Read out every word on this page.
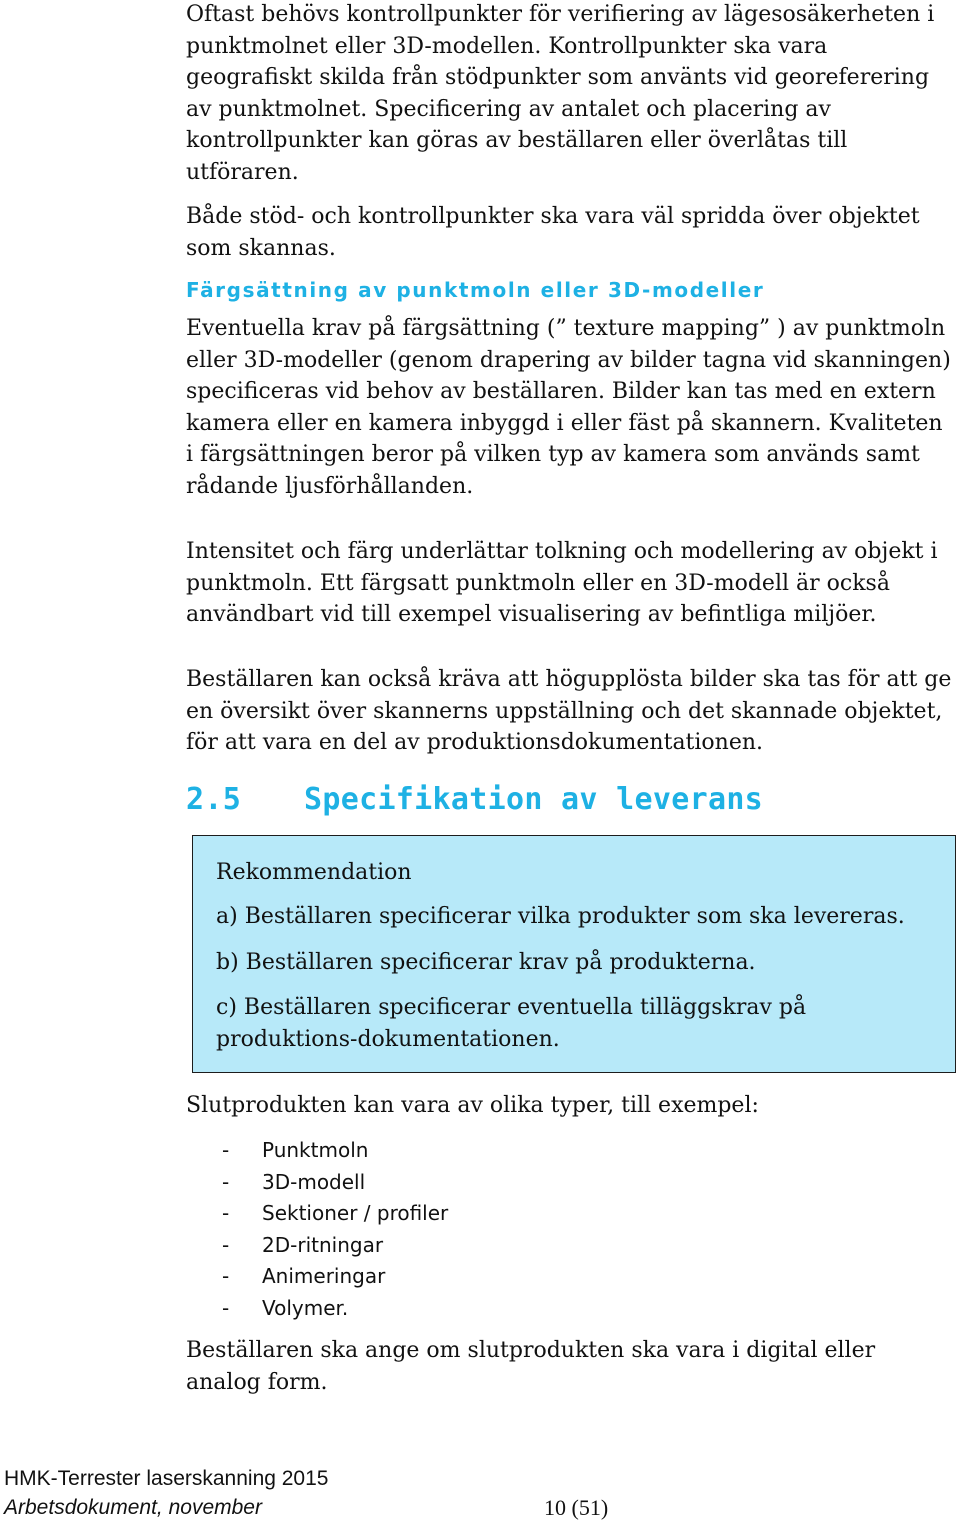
Oftast behövs kontrollpunkter för verifiering av lägesosäkerheten i punktmolnet eller 3D-modellen. Kontrollpunkter ska vara geografiskt skilda från stödpunkter som använts vid georeferering av punktmolnet. Specificering av antalet och placering av kontrollpunkter kan göras av beställaren eller överlåtas till utföraren.

Både stöd- och kontrollpunkter ska vara väl spridda över objektet som skannas.

Färgsättning av punktmoln eller 3D-modeller

Eventuella krav på färgsättning (” texture mapping” ) av punktmoln eller 3D-modeller (genom drapering av bilder tagna vid skanningen) specificeras vid behov av beställaren. Bilder kan tas med en extern kamera eller en kamera inbyggd i eller fäst på skannern. Kvaliteten i färgsättningen beror på vilken typ av kamera som används samt rådande ljusförhållanden.

Intensitet och färg underlättar tolkning och modellering av objekt i punktmoln. Ett färgsatt punktmoln eller en 3D-modell är också användbart vid till exempel visualisering av befintliga miljöer.

Beställaren kan också kräva att högupplösta bilder ska tas för att ge en översikt över skannerns uppställning och det skannade objektet, för att vara en del av produktionsdokumentationen.

2.5 Specifikation av leverans

Rekommendation

a) Beställaren specificerar vilka produkter som ska levereras.

b) Beställaren specificerar krav på produkterna.

c) Beställaren specificerar eventuella tilläggskrav på produktions-dokumentationen.

Slutprodukten kan vara av olika typer, till exempel:

- Punktmoln
- 3D-modell
- Sektioner / profiler
- 2D-ritningar
- Animeringar
- Volymer.

Beställaren ska ange om slutprodukten ska vara i digital eller analog form.

HMK-Terrester laserskanning 2015

Arbetsdokument, november	10 (51)
